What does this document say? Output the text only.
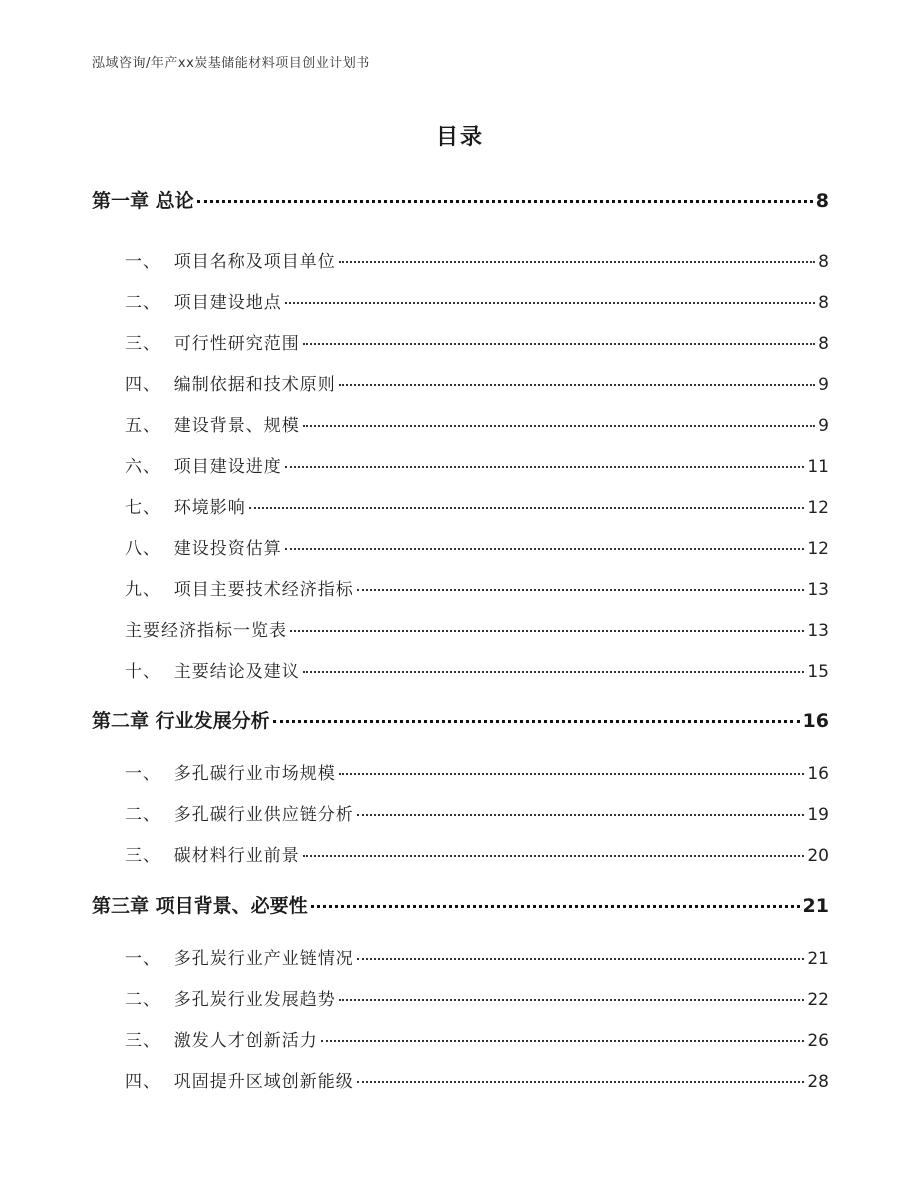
泓域咨询/年产xx炭基储能材料项目创业计划书
目录
第一章 总论	8
一、  项目名称及项目单位	8
二、  项目建设地点	8
三、  可行性研究范围	8
四、  编制依据和技术原则	9
五、  建设背景、规模	9
六、  项目建设进度	11
七、  环境影响	12
八、  建设投资估算	12
九、  项目主要技术经济指标	13
主要经济指标一览表	13
十、  主要结论及建议	15
第二章 行业发展分析	16
一、  多孔碳行业市场规模	16
二、  多孔碳行业供应链分析	19
三、  碳材料行业前景	20
第三章 项目背景、必要性	21
一、  多孔炭行业产业链情况	21
二、  多孔炭行业发展趋势	22
三、  激发人才创新活力	26
四、  巩固提升区域创新能级	28
